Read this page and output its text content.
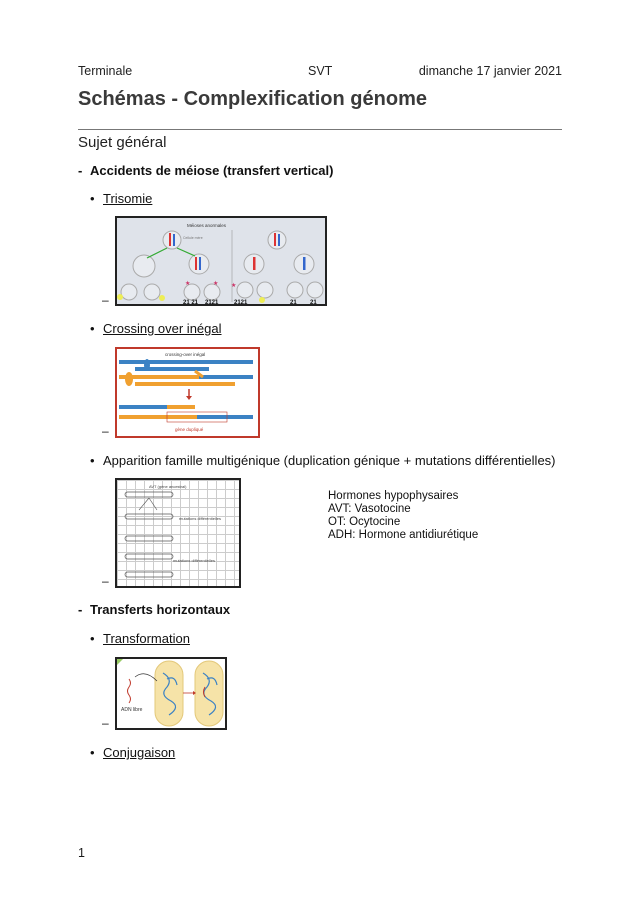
Terminale	SVT	dimanche 17 janvier 2021
Schémas - Complexification génome
Sujet général
- Accidents de méiose (transfert vertical)
• Trisomie
–
Méioses anormales
Cellule mère
★	★
21 21 2121
★
2121	21 21
• Crossing over inégal
–
crossing-over inégal
gène dupliqué
• Apparition famille multigénique (duplication génique + mutations différentielles)
–
AVT (gène ancestral)
mutations différentielles
mutations différentielles
Hormones hypophysaires
AVT: Vasotocine
OT: Ocytocine
ADH: Hormone antidiurétique
- Transferts horizontaux
• Transformation
–
ADN libre
• Conjugaison
1
